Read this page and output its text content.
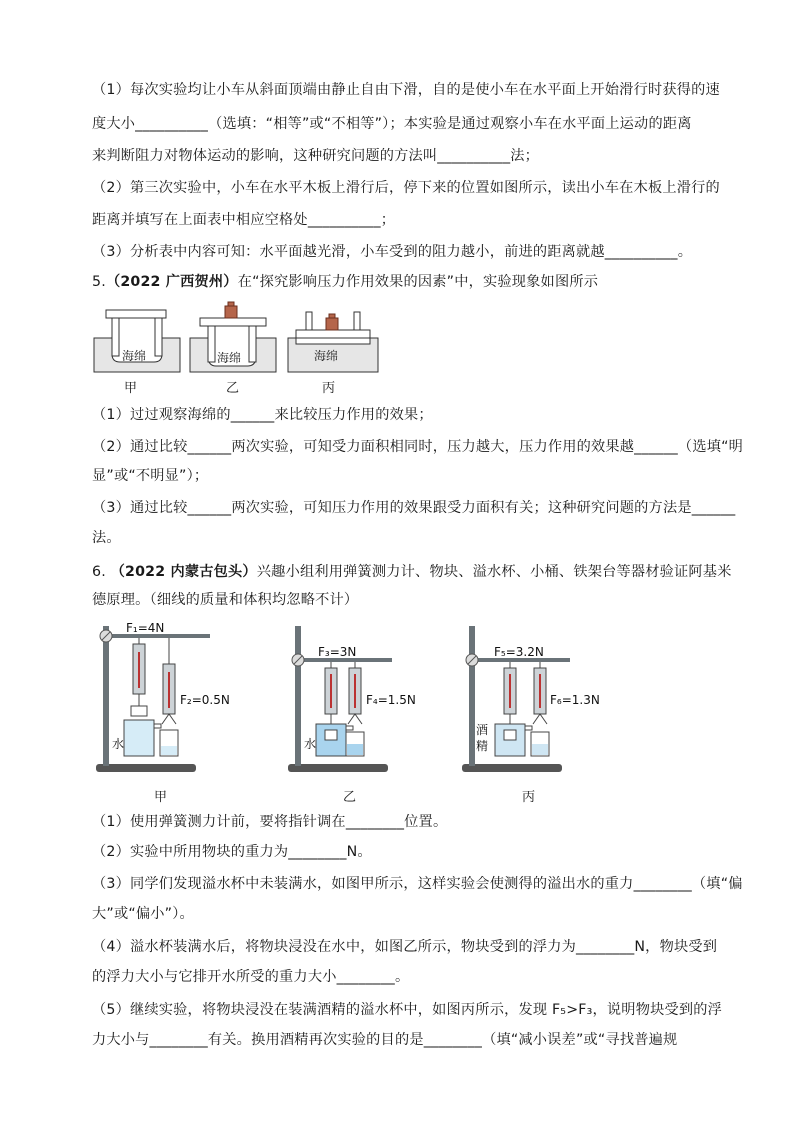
（1）每次实验均让小车从斜面顶端由静止自由下滑，自的是使小车在水平面上开始滑行时获得的速
度大小__________（选填：“相等”或“不相等”）；本实验是通过观察小车在水平面上运动的距离
来判断阻力对物体运动的影响，这种研究问题的方法叫__________法；
（2）第三次实验中，小车在水平木板上滑行后，停下来的位置如图所示，读出小车在木板上滑行的
距离并填写在上面表中相应空格处__________；
（3）分析表中内容可知：水平面越光滑，小车受到的阻力越小，前进的距离就越__________。
5.（2022 广西贺州）在“探究影响压力作用效果的因素”中，实验现象如图所示
海绵	海绵	海绵
甲	乙	丙
（1）过过观察海绵的______来比较压力作用的效果；
（2）通过比较______两次实验，可知受力面积相同时，压力越大，压力作用的效果越______（选填“明
显”或“不明显”）；
（3）通过比较______两次实验，可知压力作用的效果跟受力面积有关；这种研究问题的方法是______
法。
6. （2022 内蒙古包头）兴趣小组利用弹簧测力计、物块、溢水杯、小桶、铁架台等器材验证阿基米
德原理。（细线的质量和体积均忽略不计）
F₁=4N
F₂=0.5N
水
F₃=3N
F₄=1.5N
水
F₅=3.2N
F₆=1.3N
酒
精
甲	乙	丙
（1）使用弹簧测力计前，要将指针调在________位置。
（2）实验中所用物块的重力为________N。
（3）同学们发现溢水杯中未装满水，如图甲所示，这样实验会使测得的溢出水的重力________（填“偏
大”或“偏小”）。
（4）溢水杯装满水后，将物块浸没在水中，如图乙所示，物块受到的浮力为________N，物块受到
的浮力大小与它排开水所受的重力大小________。
（5）继续实验，将物块浸没在装满酒精的溢水杯中，如图丙所示，发现 F₅>F₃，说明物块受到的浮
力大小与________有关。换用酒精再次实验的目的是________（填“减小误差”或“寻找普遍规
